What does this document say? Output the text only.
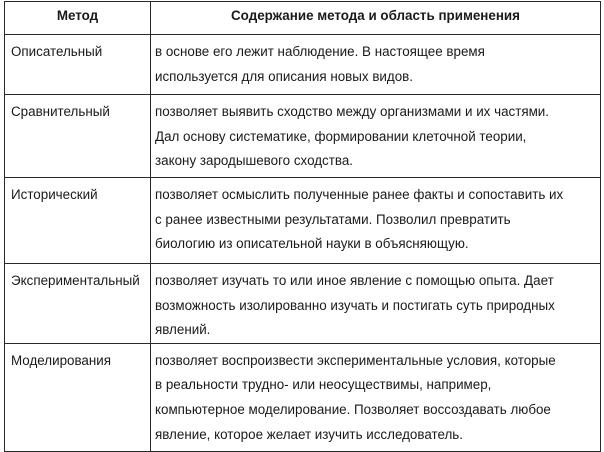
Метод	Содержание метода и область применения
Описательный	в основе его лежит наблюдение. В настоящее время
используется для описания новых видов.

Сравнительный	позволяет выявить сходство между организмами и их частями.
Дал основу систематике, формировании клеточной теории,
закону зародышевого сходства.

Исторический	позволяет осмыслить полученные ранее факты и сопоставить их
с ранее известными результатами. Позволил превратить
биологию из описательной науки в объясняющую.

Экспериментальный	позволяет изучать то или иное явление с помощью опыта. Дает
возможность изолированно изучать и постигать суть природных
явлений.

Моделирования	позволяет воспроизвести экспериментальные условия, которые
в реальности трудно- или неосуществимы, например,
компьютерное моделирование. Позволяет воссоздавать любое
явление, которое желает изучить исследователь.
